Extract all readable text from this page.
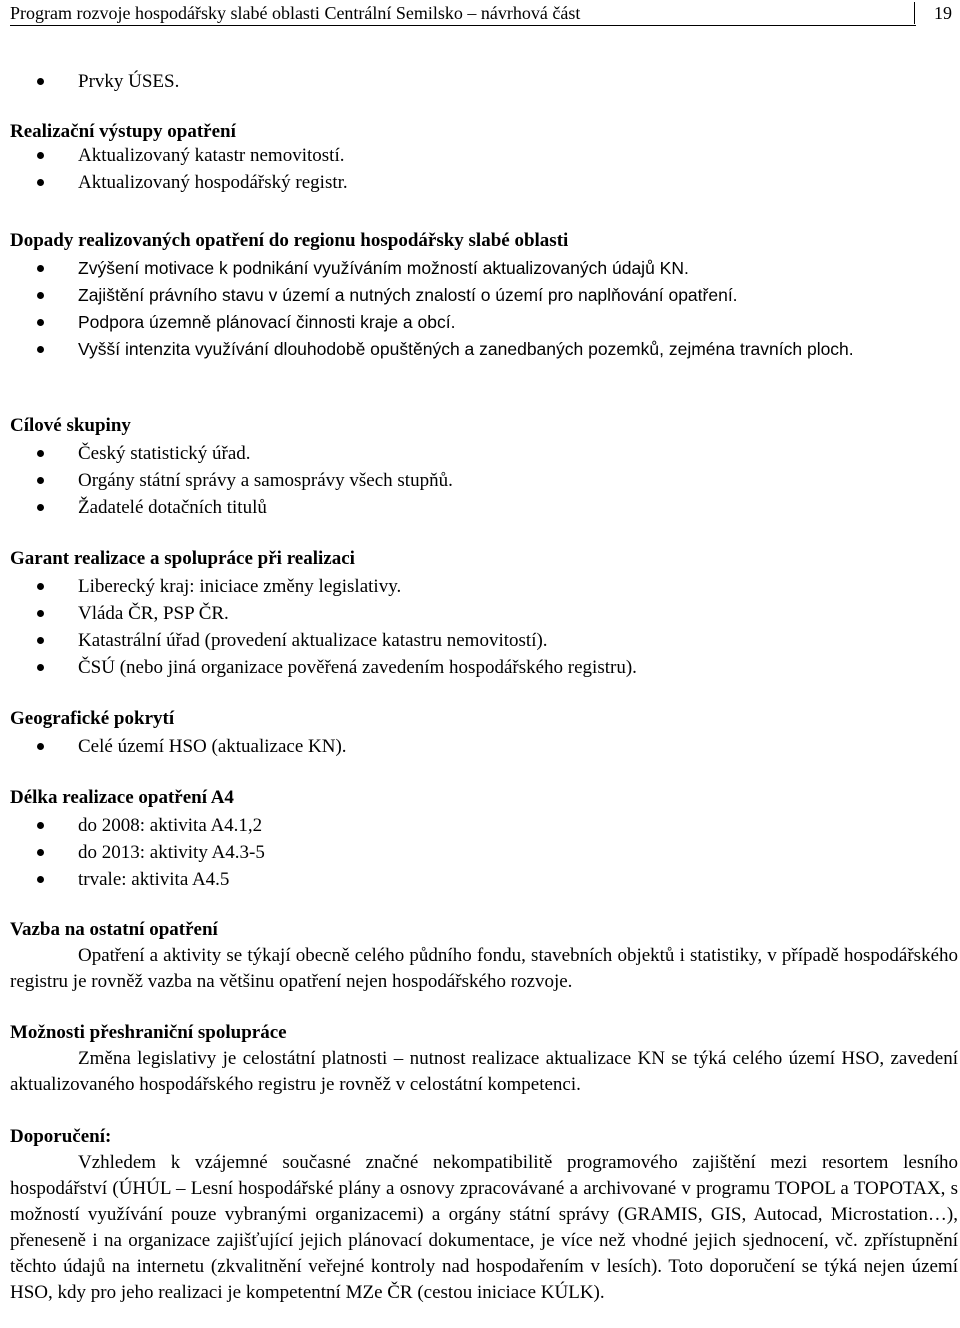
Program rozvoje hospodářsky slabé oblasti Centrální Semilsko – návrhová část	19
Prvky ÚSES.
Realizační výstupy opatření
Aktualizovaný katastr nemovitostí.
Aktualizovaný hospodářský registr.
Dopady realizovaných opatření do regionu hospodářsky slabé oblasti
Zvýšení motivace k podnikání využíváním možností aktualizovaných údajů KN.
Zajištění právního stavu v území a nutných znalostí o území pro naplňování opatření.
Podpora územně plánovací činnosti kraje a obcí.
Vyšší intenzita využívání dlouhodobě opuštěných a zanedbaných pozemků, zejména travních ploch.
Cílové skupiny
Český statistický úřad.
Orgány státní správy a samosprávy všech stupňů.
Žadatelé dotačních titulů
Garant realizace a spolupráce při realizaci
Liberecký kraj: iniciace změny legislativy.
Vláda ČR, PSP ČR.
Katastrální úřad (provedení aktualizace katastru nemovitostí).
ČSÚ (nebo jiná organizace pověřená zavedením hospodářského registru).
Geografické pokrytí
Celé území HSO (aktualizace KN).
Délka realizace opatření A4
do 2008: aktivita A4.1,2
do 2013: aktivity A4.3-5
trvale: aktivita A4.5
Vazba na ostatní opatření

Opatření a aktivity se týkají obecně celého půdního fondu, stavebních objektů i statistiky, v případě hospodářského registru je rovněž vazba na většinu opatření nejen hospodářského rozvoje.

Možnosti přeshraniční spolupráce

Změna legislativy je celostátní platnosti – nutnost realizace aktualizace KN se týká celého území HSO, zavedení aktualizovaného hospodářského registru je rovněž v celostátní kompetenci.

Doporučení:

Vzhledem k vzájemné současné značné nekompatibilitě programového zajištění mezi resortem lesního hospodářství (ÚHÚL – Lesní hospodářské plány a osnovy zpracovávané a archivované v programu TOPOL a TOPOTAX, s možností využívání pouze vybranými organizacemi) a orgány státní správy (GRAMIS, GIS, Autocad, Microstation…), přeneseně i na organizace zajišťující jejich plánovací dokumentace, je více než vhodné jejich sjednocení, vč. zpřístupnění těchto údajů na internetu (zkvalitnění veřejné kontroly nad hospodařením v lesích). Toto doporučení se týká nejen území HSO, kdy pro jeho realizaci je kompetentní MZe ČR (cestou iniciace KÚLK).
